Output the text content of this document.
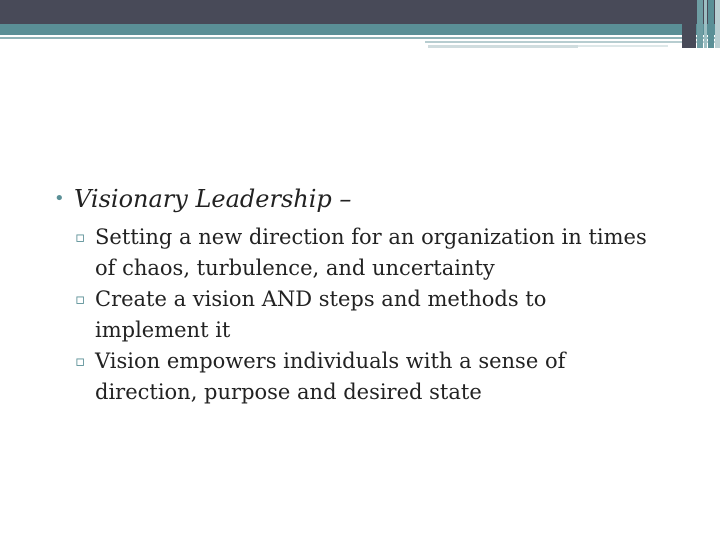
• Visionary Leadership –

▫ Setting a new direction for an organization in times of chaos, turbulence, and uncertainty

▫ Create a vision AND steps and methods to implement it

▫ Vision empowers individuals with a sense of direction, purpose and desired state
